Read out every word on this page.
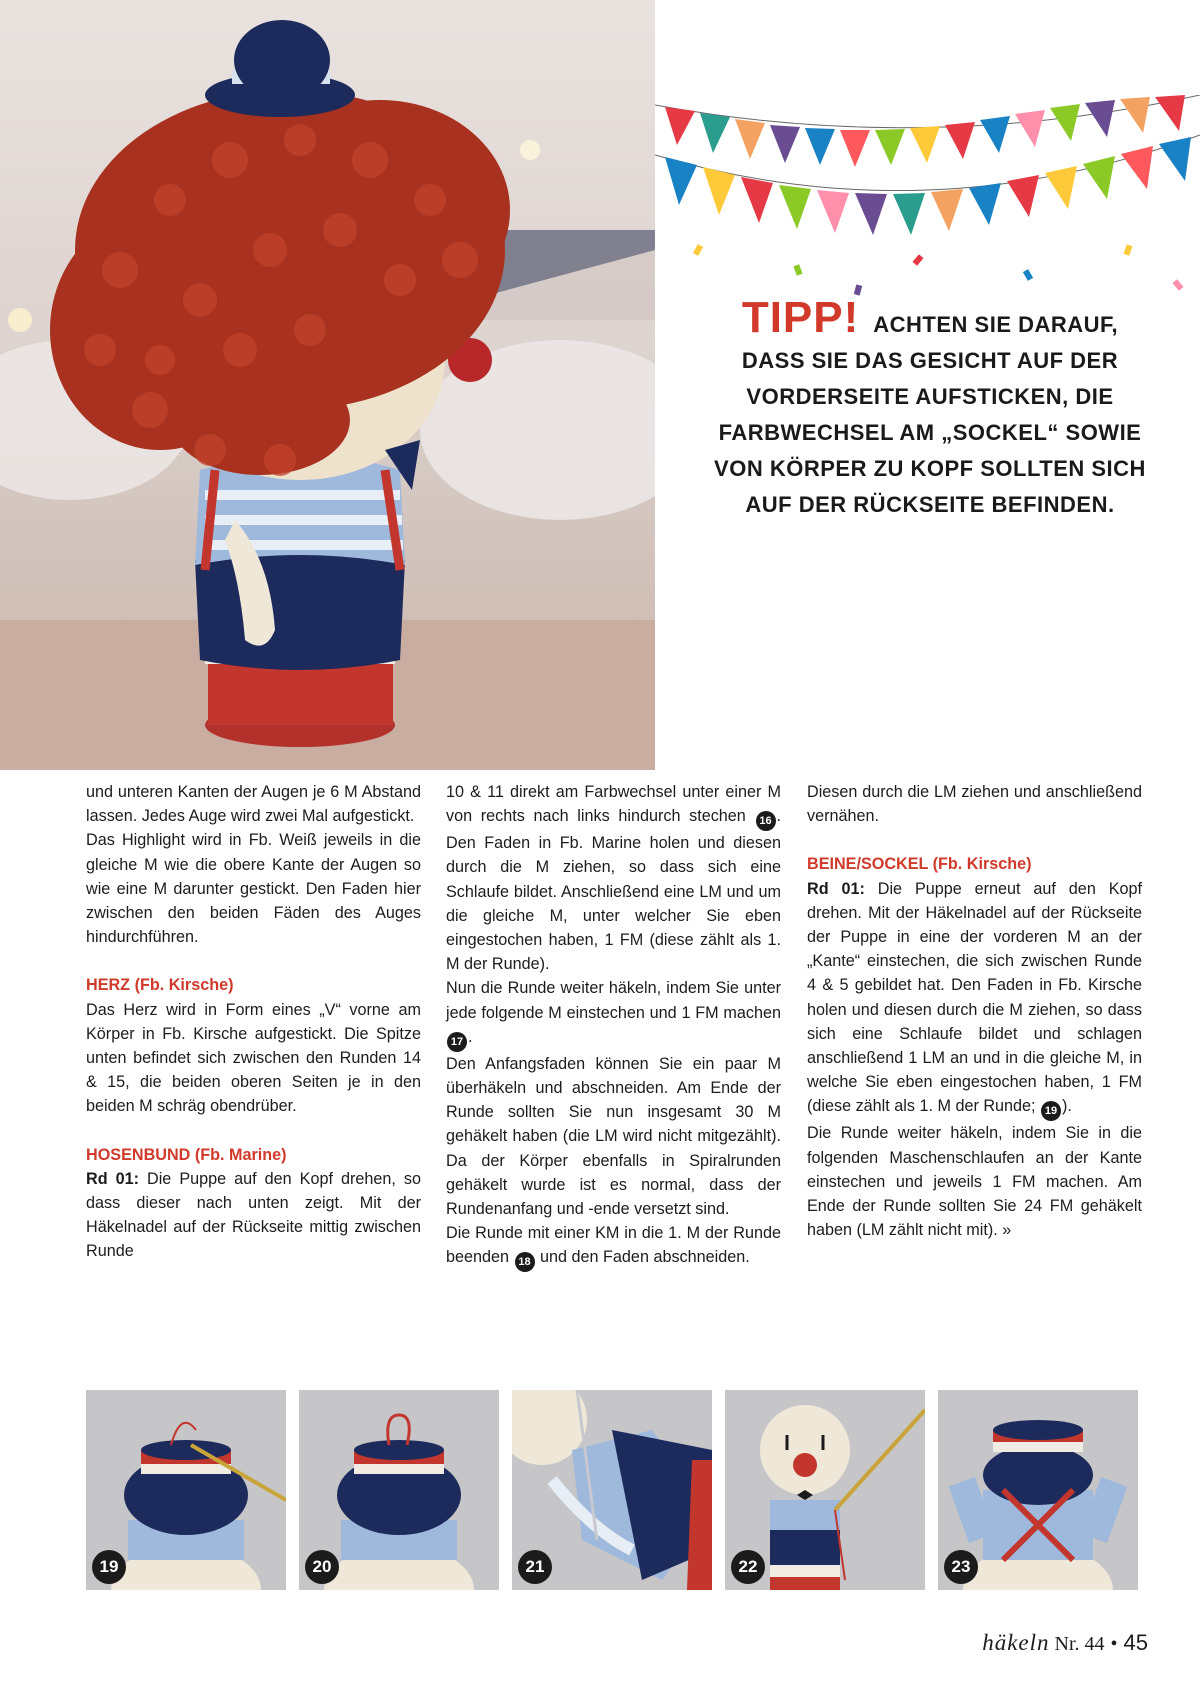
TIPP! ACHTEN SIE DARAUF,
DASS SIE DAS GESICHT AUF DER
VORDERSEITE AUFSTICKEN, DIE
FARBWECHSEL AM „SOCKEL“ SOWIE
VON KÖRPER ZU KOPF SOLLTEN SICH
AUF DER RÜCKSEITE BEFINDEN.

und unteren Kanten der Augen je 6 M Abstand lassen. Jedes Auge wird zwei Mal aufgestickt.

Das Highlight wird in Fb. Weiß jeweils in die gleiche M wie die obere Kante der Augen so wie eine M darunter gestickt. Den Faden hier zwischen den beiden Fäden des Auges hindurchführen.

HERZ (Fb. Kirsche)

Das Herz wird in Form eines „V“ vorne am Körper in Fb. Kirsche aufgestickt. Die Spitze unten befindet sich zwischen den Runden 14 & 15, die beiden oberen Seiten je in den beiden M schräg obendrüber.

HOSENBUND (Fb. Marine)

Rd 01: Die Puppe auf den Kopf drehen, so dass dieser nach unten zeigt. Mit der Häkelnadel auf der Rückseite mittig zwischen Runde

10 & 11 direkt am Farbwechsel unter einer M von rechts nach links hindurch stechen 16 . Den Faden in Fb. Marine holen und diesen durch die M ziehen, so dass sich eine Schlaufe bildet. Anschließend eine LM und um die gleiche M, unter welcher Sie eben eingestochen haben, 1 FM (diese zählt als 1. M der Runde).

Nun die Runde weiter häkeln, indem Sie unter jede folgende M einstechen und 1 FM machen 17 .

Den Anfangsfaden können Sie ein paar M überhäkeln und abschneiden. Am Ende der Runde sollten Sie nun insgesamt 30 M gehäkelt haben (die LM wird nicht mitgezählt). Da der Körper ebenfalls in Spiralrunden gehäkelt wurde ist es normal, dass der Rundenanfang und -ende versetzt sind.

Die Runde mit einer KM in die 1. M der Runde beenden 18 und den Faden abschneiden.

Diesen durch die LM ziehen und anschließend vernähen.

BEINE/SOCKEL (Fb. Kirsche)

Rd 01: Die Puppe erneut auf den Kopf drehen. Mit der Häkelnadel auf der Rückseite der Puppe in eine der vorderen M an der „Kante“ einstechen, die sich zwischen Runde 4 & 5 gebildet hat. Den Faden in Fb. Kirsche holen und diesen durch die M ziehen, so dass sich eine Schlaufe bildet und schlagen anschließend 1 LM an und in die gleiche M, in welche Sie eben eingestochen haben, 1 FM (diese zählt als 1. M der Runde; 19 ).

Die Runde weiter häkeln, indem Sie in die folgenden Maschenschlaufen an der Kante einstechen und jeweils 1 FM machen. Am Ende der Runde sollten Sie 24 FM gehäkelt haben (LM zählt nicht mit). »

19	20	21	22	23
häkeln Nr. 44 • 45
